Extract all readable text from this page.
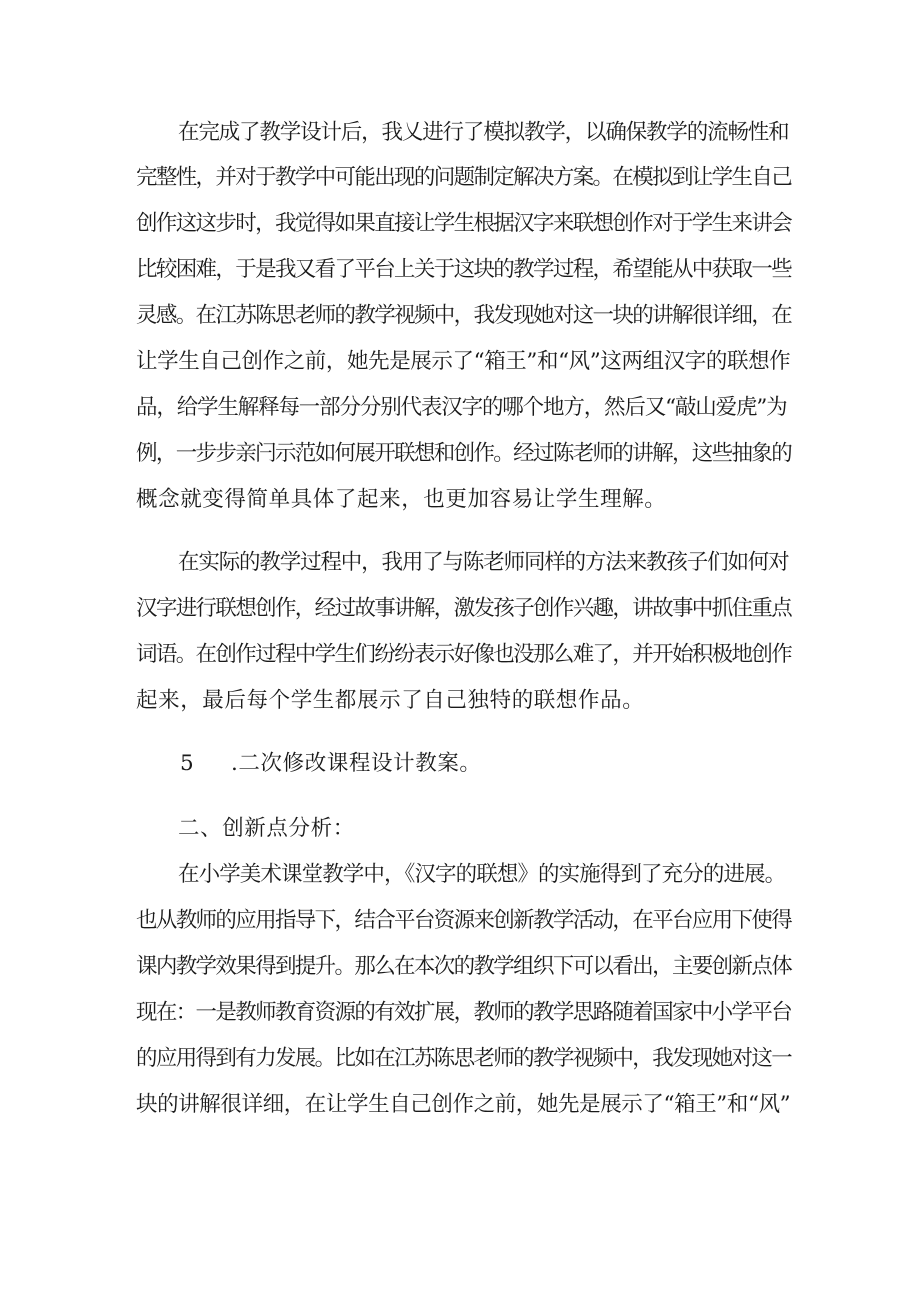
在完成了教学设计后，我乂进行了模拟教学，以确保教学的流畅性和
完整性，并对于教学中可能出现的问题制定解决方案。在模拟到让学生自己
创作这这步时，我觉得如果直接让学生根据汉字来联想创作对于学生来讲会
比较困难，于是我又看了平台上关于这块的教学过程，希望能从中获取一些
灵感。在江苏陈思老师的教学视频中，我发现她对这一块的讲解很详细，在
让学生自己创作之前，她先是展示了“箱王”和“风”这两组汉字的联想作
品，给学生解释每一部分分别代表汉字的哪个地方，然后又“敲山爱虎”为
例，一步步亲闩示范如何展开联想和创作。经过陈老师的讲解，这些抽象的
概念就变得简单具体了起来，也更加容易让学生理解。
在实际的教学过程中，我用了与陈老师同样的方法来教孩子们如何对
汉字进行联想创作，经过故事讲解，激发孩子创作兴趣，讲故事中抓住重点
词语。在创作过程中学生们纷纷表示好像也没那么难了，并开始积极地创作
起来，最后每个学生都展示了自己独特的联想作品。
5 .二次修改课程设计教案。
二、创新点分析：
在小学美术课堂教学中，《汉字的联想》的实施得到了充分的进展。
也从教师的应用指导下，结合平台资源来创新教学活动，在平台应用下使得
课内教学效果得到提升。那么在本次的教学组织下可以看出，主要创新点体
现在：一是教师教育资源的有效扩展，教师的教学思路随着国家中小学平台
的应用得到有力发展。比如在江苏陈思老师的教学视频中，我发现她对这一
块的讲解很详细，在让学生自己创作之前，她先是展示了“箱王”和“风”
